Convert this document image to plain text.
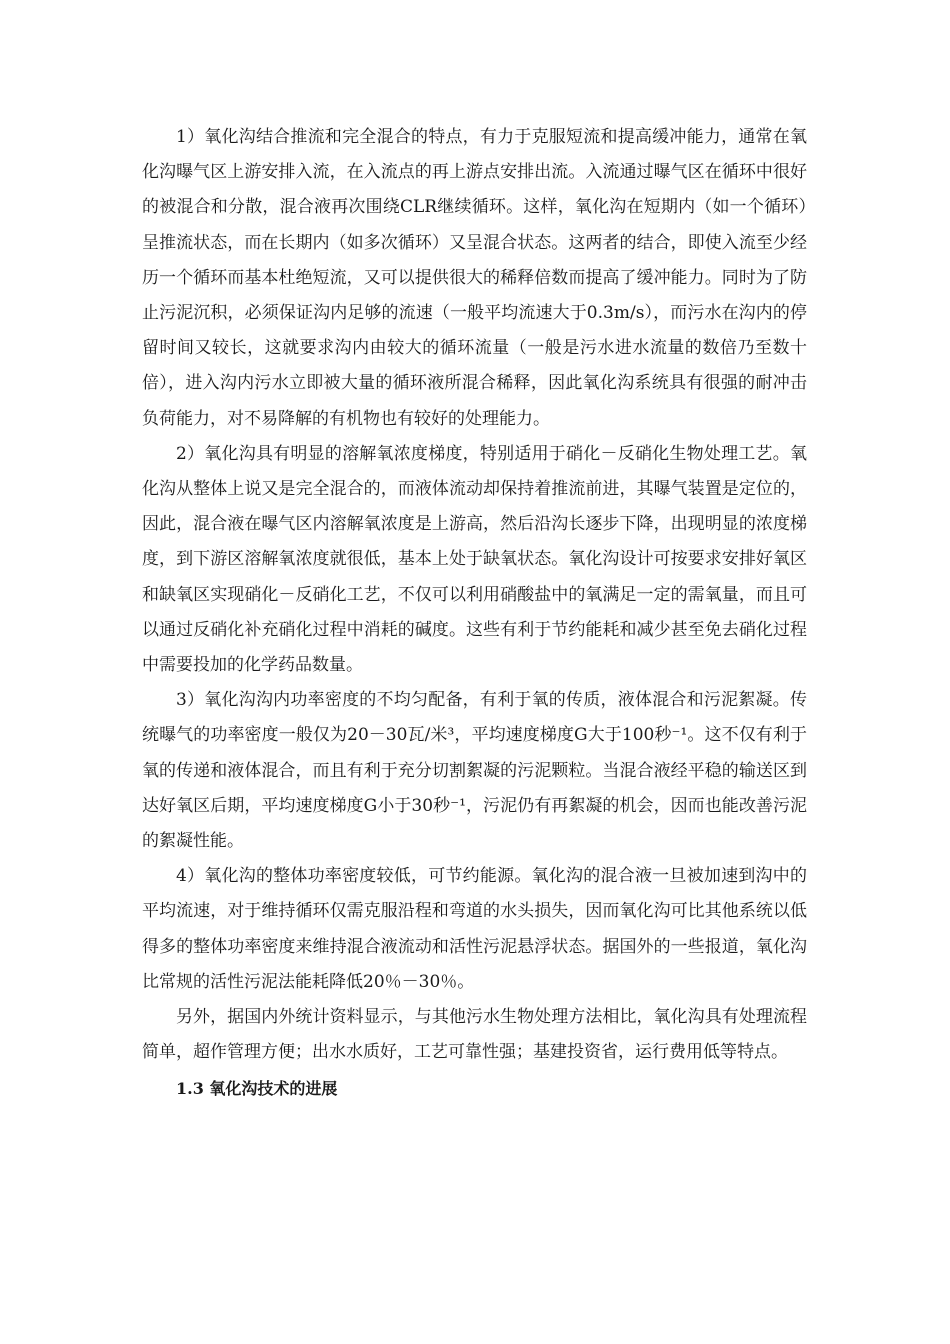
1）氧化沟结合推流和完全混合的特点，有力于克服短流和提高缓冲能力，通常在氧化沟曝气区上游安排入流，在入流点的再上游点安排出流。入流通过曝气区在循环中很好的被混合和分散，混合液再次围绕CLR继续循环。这样，氧化沟在短期内（如一个循环）呈推流状态，而在长期内（如多次循环）又呈混合状态。这两者的结合，即使入流至少经历一个循环而基本杜绝短流，又可以提供很大的稀释倍数而提高了缓冲能力。同时为了防止污泥沉积，必须保证沟内足够的流速（一般平均流速大于0.3m/s），而污水在沟内的停留时间又较长，这就要求沟内由较大的循环流量（一般是污水进水流量的数倍乃至数十倍），进入沟内污水立即被大量的循环液所混合稀释，因此氧化沟系统具有很强的耐冲击负荷能力，对不易降解的有机物也有较好的处理能力。

2）氧化沟具有明显的溶解氧浓度梯度，特别适用于硝化－反硝化生物处理工艺。氧化沟从整体上说又是完全混合的，而液体流动却保持着推流前进，其曝气装置是定位的，因此，混合液在曝气区内溶解氧浓度是上游高，然后沿沟长逐步下降，出现明显的浓度梯度，到下游区溶解氧浓度就很低，基本上处于缺氧状态。氧化沟设计可按要求安排好氧区和缺氧区实现硝化－反硝化工艺，不仅可以利用硝酸盐中的氧满足一定的需氧量，而且可以通过反硝化补充硝化过程中消耗的碱度。这些有利于节约能耗和减少甚至免去硝化过程中需要投加的化学药品数量。

3）氧化沟沟内功率密度的不均匀配备，有利于氧的传质，液体混合和污泥絮凝。传统曝气的功率密度一般仅为20－30瓦/米³，平均速度梯度G大于100秒⁻¹。这不仅有利于氧的传递和液体混合，而且有利于充分切割絮凝的污泥颗粒。当混合液经平稳的输送区到达好氧区后期，平均速度梯度G小于30秒⁻¹，污泥仍有再絮凝的机会，因而也能改善污泥的絮凝性能。

4）氧化沟的整体功率密度较低，可节约能源。氧化沟的混合液一旦被加速到沟中的平均流速，对于维持循环仅需克服沿程和弯道的水头损失，因而氧化沟可比其他系统以低得多的整体功率密度来维持混合液流动和活性污泥悬浮状态。据国外的一些报道，氧化沟比常规的活性污泥法能耗降低20％－30％。

另外，据国内外统计资料显示，与其他污水生物处理方法相比，氧化沟具有处理流程简单，超作管理方便；出水水质好，工艺可靠性强；基建投资省，运行费用低等特点。

1.3 氧化沟技术的进展
